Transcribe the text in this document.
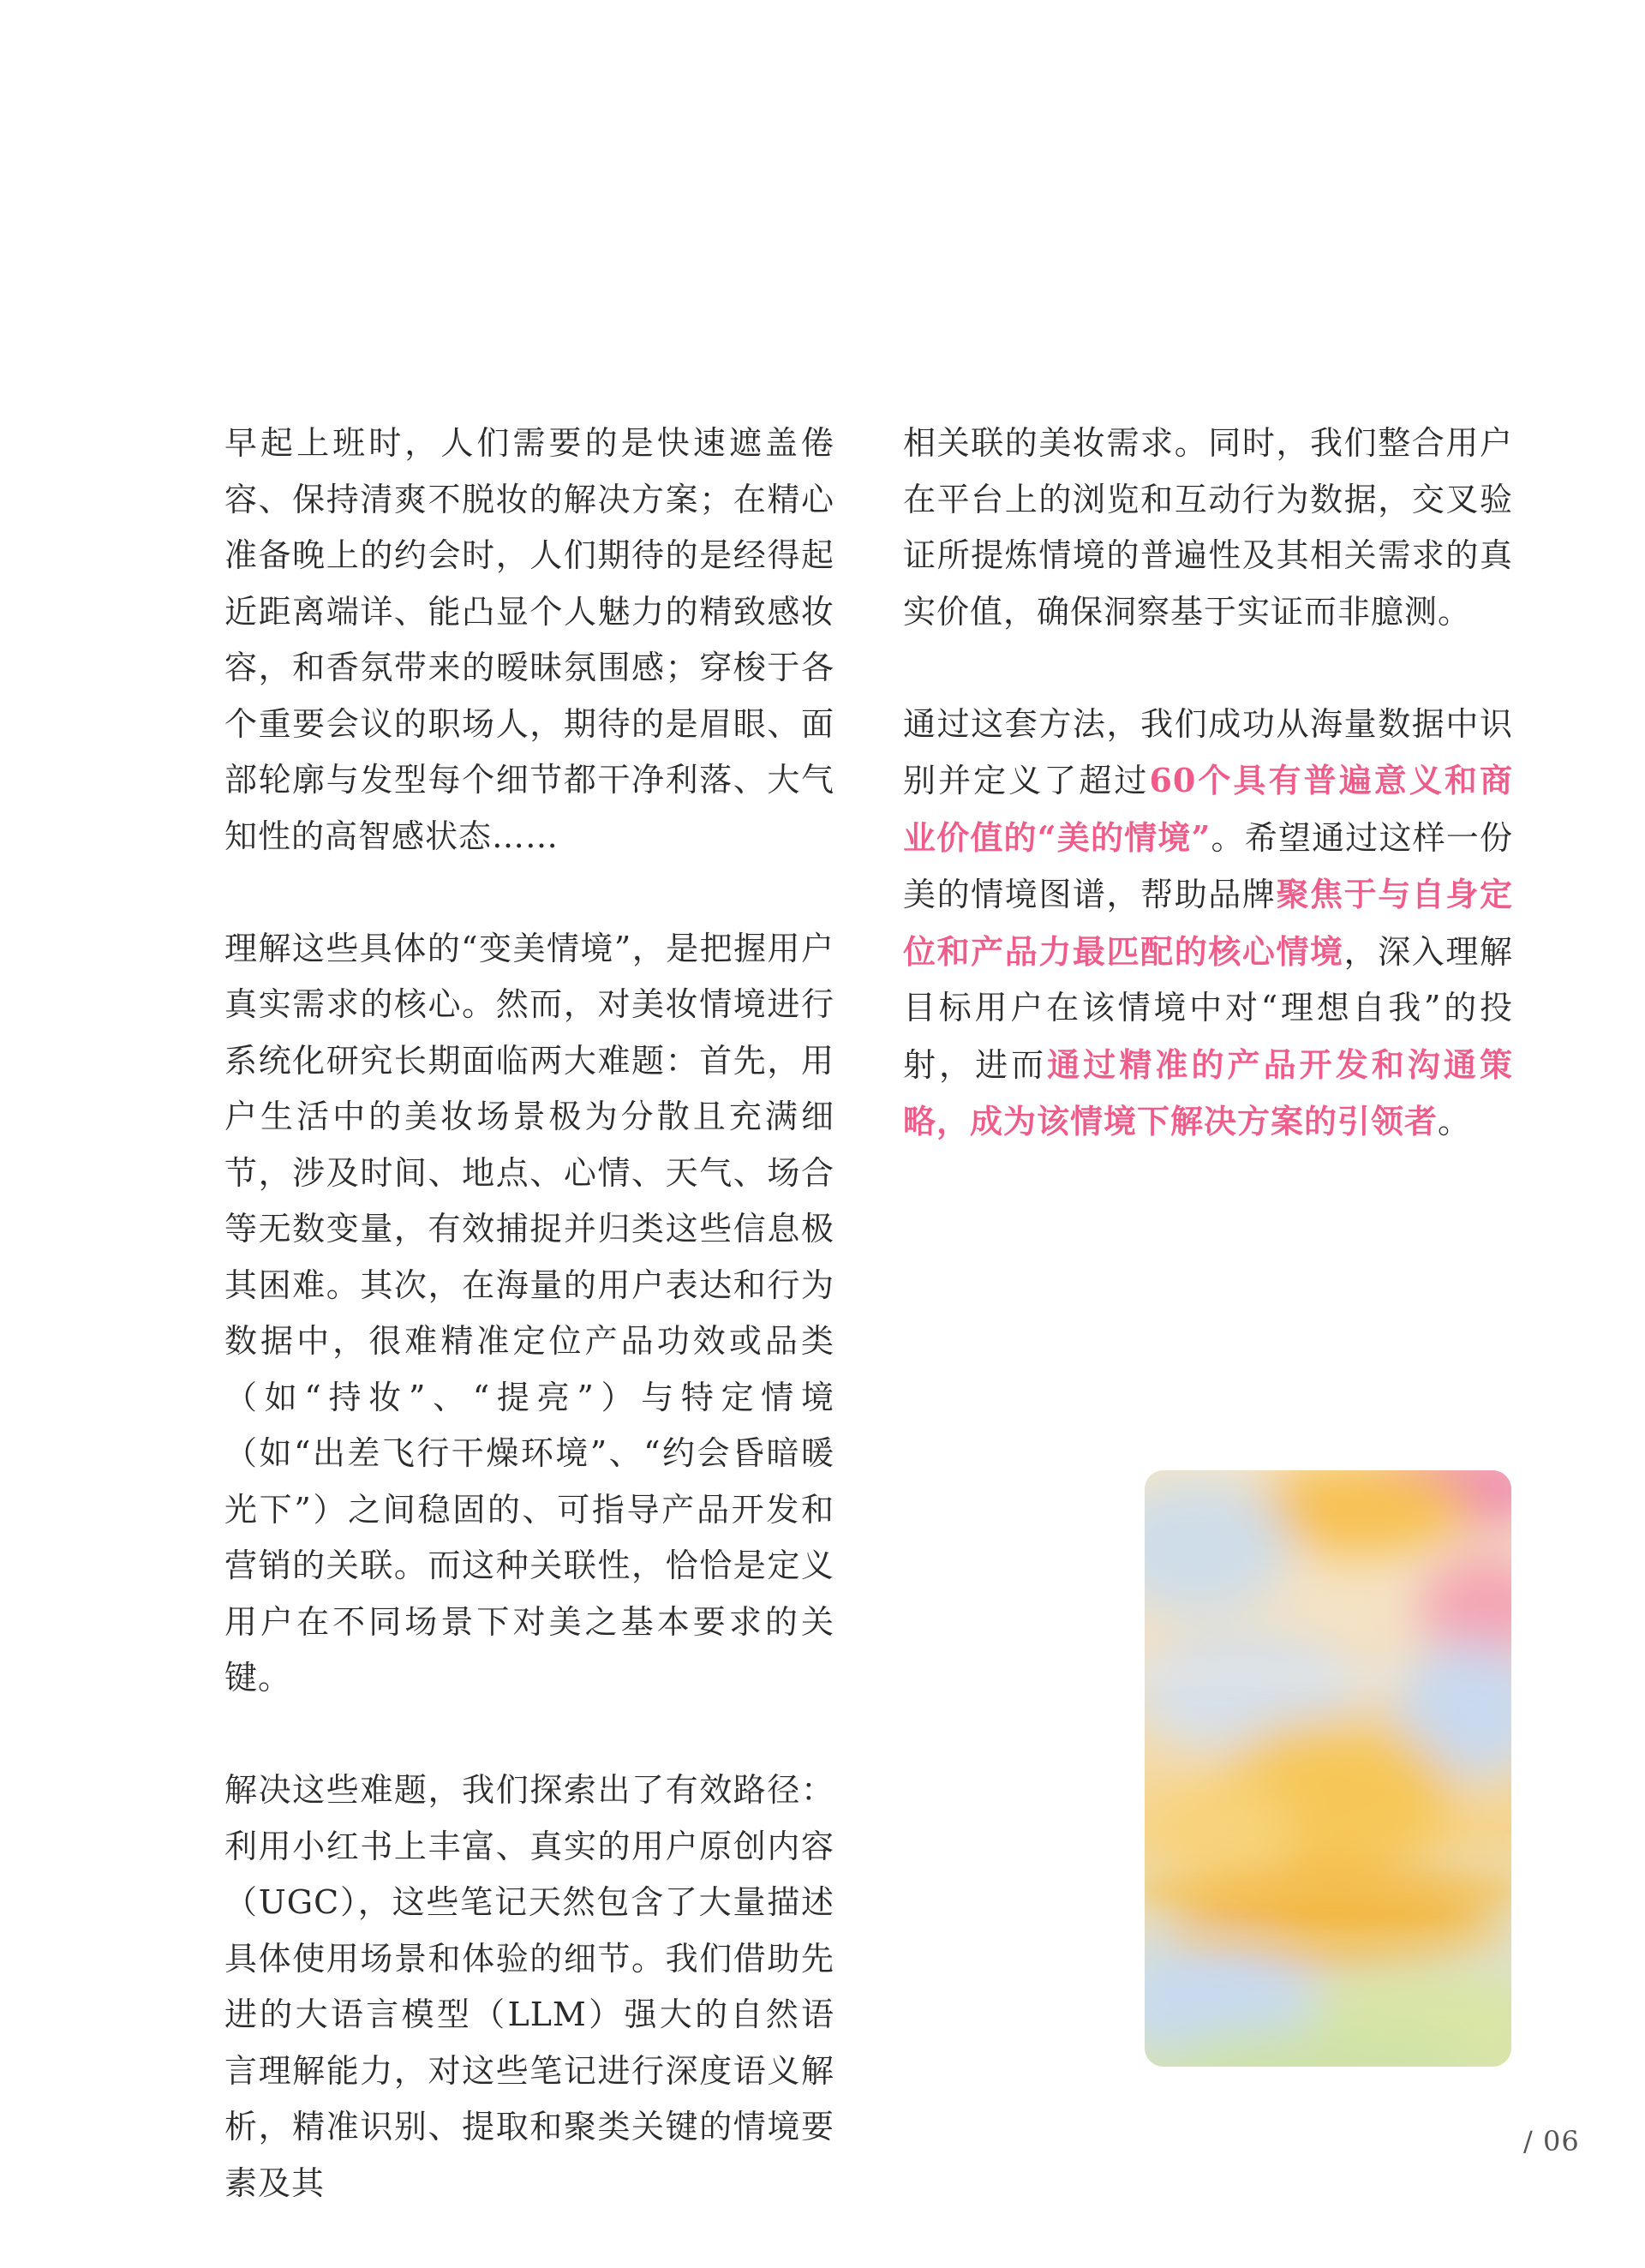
早起上班时，人们需要的是快速遮盖倦容、保持清爽不脱妆的解决方案；在精心准备晚上的约会时，人们期待的是经得起近距离端详、能凸显个人魅力的精致感妆容，和香氛带来的暧昧氛围感；穿梭于各个重要会议的职场人，期待的是眉眼、面部轮廓与发型每个细节都干净利落、大气知性的高智感状态……

理解这些具体的“变美情境”，是把握用户真实需求的核心。然而，对美妆情境进行系统化研究长期面临两大难题：首先，用户生活中的美妆场景极为分散且充满细节，涉及时间、地点、心情、天气、场合等无数变量，有效捕捉并归类这些信息极其困难。其次，在海量的用户表达和行为数据中，很难精准定位产品功效或品类（如“持妆”、“提亮”）与特定情境（如“出差飞行干燥环境”、“约会昏暗暖光下”）之间稳固的、可指导产品开发和营销的关联。而这种关联性，恰恰是定义用户在不同场景下对美之基本要求的关键。

解决这些难题，我们探索出了有效路径：利用小红书上丰富、真实的用户原创内容（UGC），这些笔记天然包含了大量描述具体使用场景和体验的细节。我们借助先进的大语言模型（LLM）强大的自然语言理解能力，对这些笔记进行深度语义解析，精准识别、提取和聚类关键的情境要素及其

相关联的美妆需求。同时，我们整合用户在平台上的浏览和互动行为数据，交叉验证所提炼情境的普遍性及其相关需求的真实价值，确保洞察基于实证而非臆测。

通过这套方法，我们成功从海量数据中识别并定义了超过60个具有普遍意义和商业价值的“美的情境”。希望通过这样一份美的情境图谱，帮助品牌聚焦于与自身定位和产品力最匹配的核心情境，深入理解目标用户在该情境中对“理想自我”的投射，进而通过精准的产品开发和沟通策略，成为该情境下解决方案的引领者。

/ 06
